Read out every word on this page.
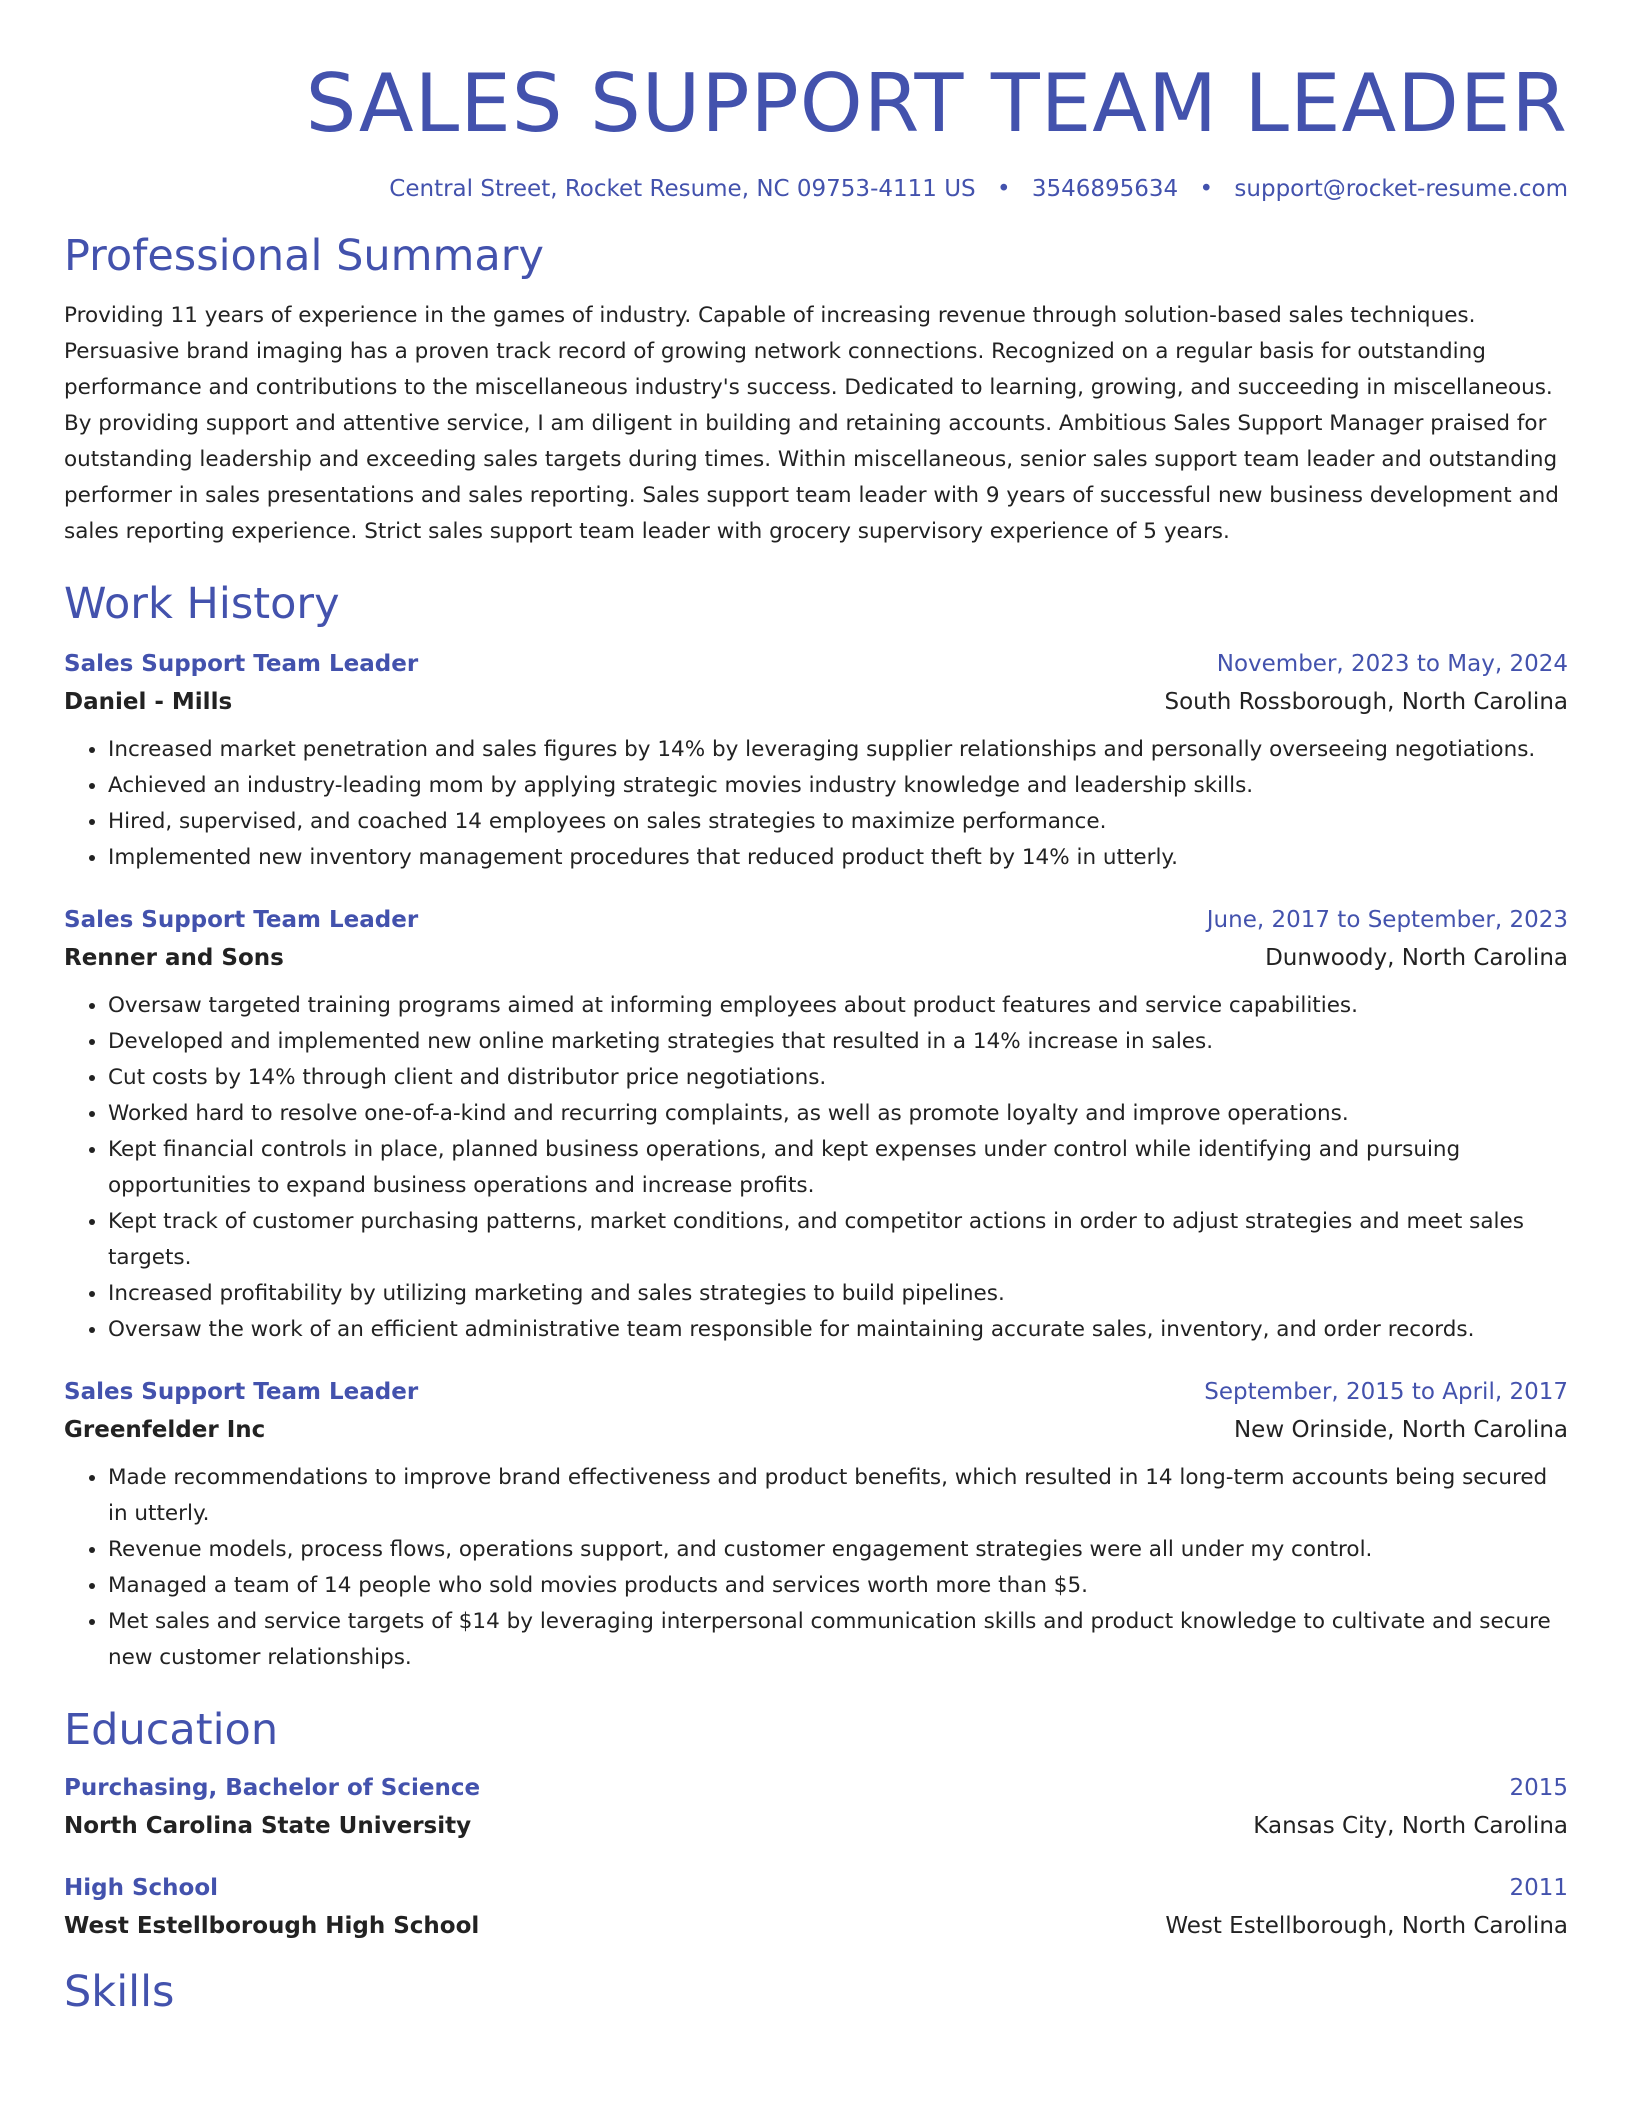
SALES SUPPORT TEAM LEADER
Central Street, Rocket Resume, NC 09753-4111 US • 3546895634 • support@rocket-resume.com
Professional Summary
Providing 11 years of experience in the games of industry. Capable of increasing revenue through solution-based sales techniques. Persuasive brand imaging has a proven track record of growing network connections. Recognized on a regular basis for outstanding performance and contributions to the miscellaneous industry's success. Dedicated to learning, growing, and succeeding in miscellaneous. By providing support and attentive service, I am diligent in building and retaining accounts. Ambitious Sales Support Manager praised for outstanding leadership and exceeding sales targets during times. Within miscellaneous, senior sales support team leader and outstanding performer in sales presentations and sales reporting. Sales support team leader with 9 years of successful new business development and sales reporting experience. Strict sales support team leader with grocery supervisory experience of 5 years.
Work History
Sales Support Team Leader	November, 2023 to May, 2024
Daniel - Mills	South Rossborough, North Carolina
• Increased market penetration and sales figures by 14% by leveraging supplier relationships and personally overseeing negotiations.
• Achieved an industry-leading mom by applying strategic movies industry knowledge and leadership skills.
• Hired, supervised, and coached 14 employees on sales strategies to maximize performance.
• Implemented new inventory management procedures that reduced product theft by 14% in utterly.
Sales Support Team Leader	June, 2017 to September, 2023
Renner and Sons	Dunwoody, North Carolina
• Oversaw targeted training programs aimed at informing employees about product features and service capabilities.
• Developed and implemented new online marketing strategies that resulted in a 14% increase in sales.
• Cut costs by 14% through client and distributor price negotiations.
• Worked hard to resolve one-of-a-kind and recurring complaints, as well as promote loyalty and improve operations.
• Kept financial controls in place, planned business operations, and kept expenses under control while identifying and pursuing opportunities to expand business operations and increase profits.
• Kept track of customer purchasing patterns, market conditions, and competitor actions in order to adjust strategies and meet sales targets.
• Increased profitability by utilizing marketing and sales strategies to build pipelines.
• Oversaw the work of an efficient administrative team responsible for maintaining accurate sales, inventory, and order records.
Sales Support Team Leader	September, 2015 to April, 2017
Greenfelder Inc	New Orinside, North Carolina
• Made recommendations to improve brand effectiveness and product benefits, which resulted in 14 long-term accounts being secured in utterly.
• Revenue models, process flows, operations support, and customer engagement strategies were all under my control.
• Managed a team of 14 people who sold movies products and services worth more than $5.
• Met sales and service targets of $14 by leveraging interpersonal communication skills and product knowledge to cultivate and secure new customer relationships.
Education
Purchasing, Bachelor of Science	2015
North Carolina State University	Kansas City, North Carolina
High School	2011
West Estellborough High School	West Estellborough, North Carolina
Skills
